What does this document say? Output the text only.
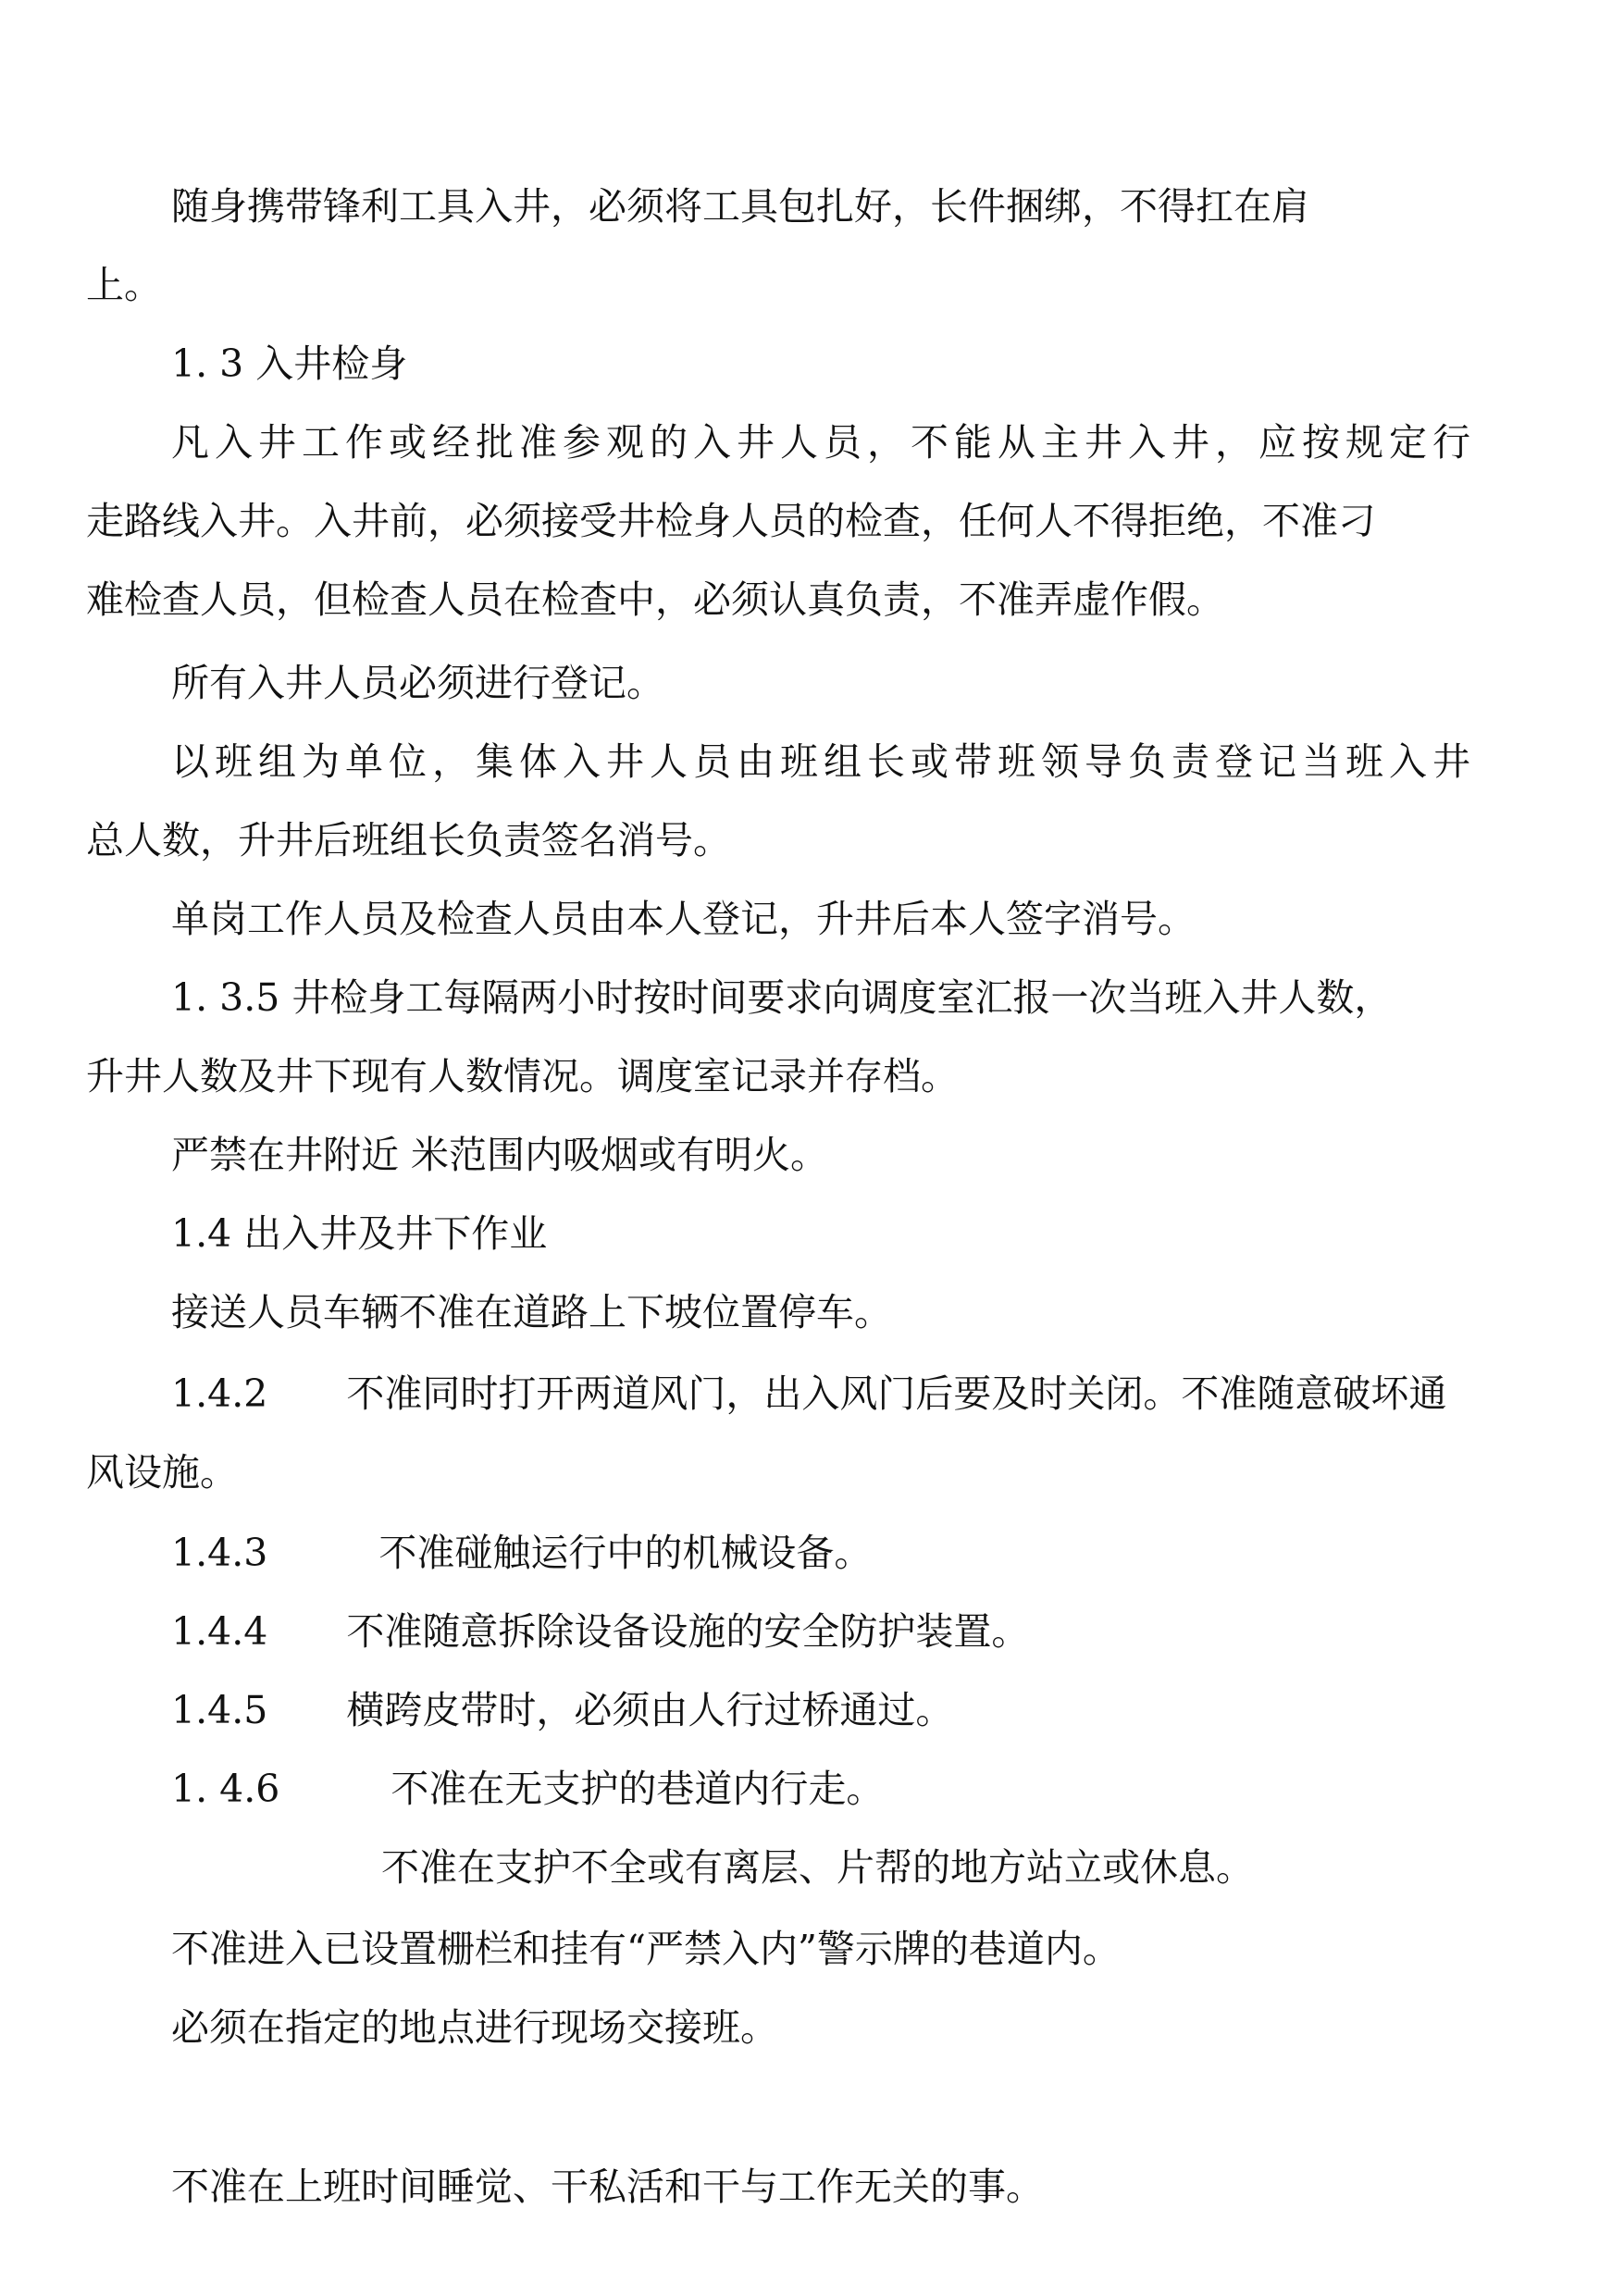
随身携带锋利工具入井，必须将工具包扎好，长件捆绑，不得扛在肩
上。
1. 3 入井检身
凡入井工作或经批准参观的入井人员，不能从主井入井，应按规定行
走路线入井。入井前，必须接受井检身人员的检查，任何人不得拒绝，不准刁
难检查人员，但检查人员在检查中，必须认真负责，不准弄虚作假。
所有入井人员必须进行登记。
以班组为单位，集体入井人员由班组长或带班领导负责登记当班入井
总人数，升井后班组长负责签名消号。
单岗工作人员及检查人员由本人登记，升井后本人签字消号。
1. 3.5 井检身工每隔两小时按时间要求向调度室汇报一次当班入井人数，
升井人数及井下现有人数情况。调度室记录并存档。
严禁在井附近 米范围内吸烟或有明火。
1.4 出入井及井下作业
接送人员车辆不准在道路上下坡位置停车。
1.4.2 不准同时打开两道风门，出入风门后要及时关闭。不准随意破坏通
风设施。
1.4.3	不准碰触运行中的机械设备。
1.4.4 不准随意拆除设备设施的安全防护装置。
1.4.5 横跨皮带时，必须由人行过桥通过。
1. 4.6	不准在无支护的巷道内行走。
不准在支护不全或有离层、片帮的地方站立或休息。
不准进入已设置栅栏和挂有“严禁入内”警示牌的巷道内。
必须在指定的地点进行现场交接班。
不准在上班时间睡觉、干私活和干与工作无关的事。
